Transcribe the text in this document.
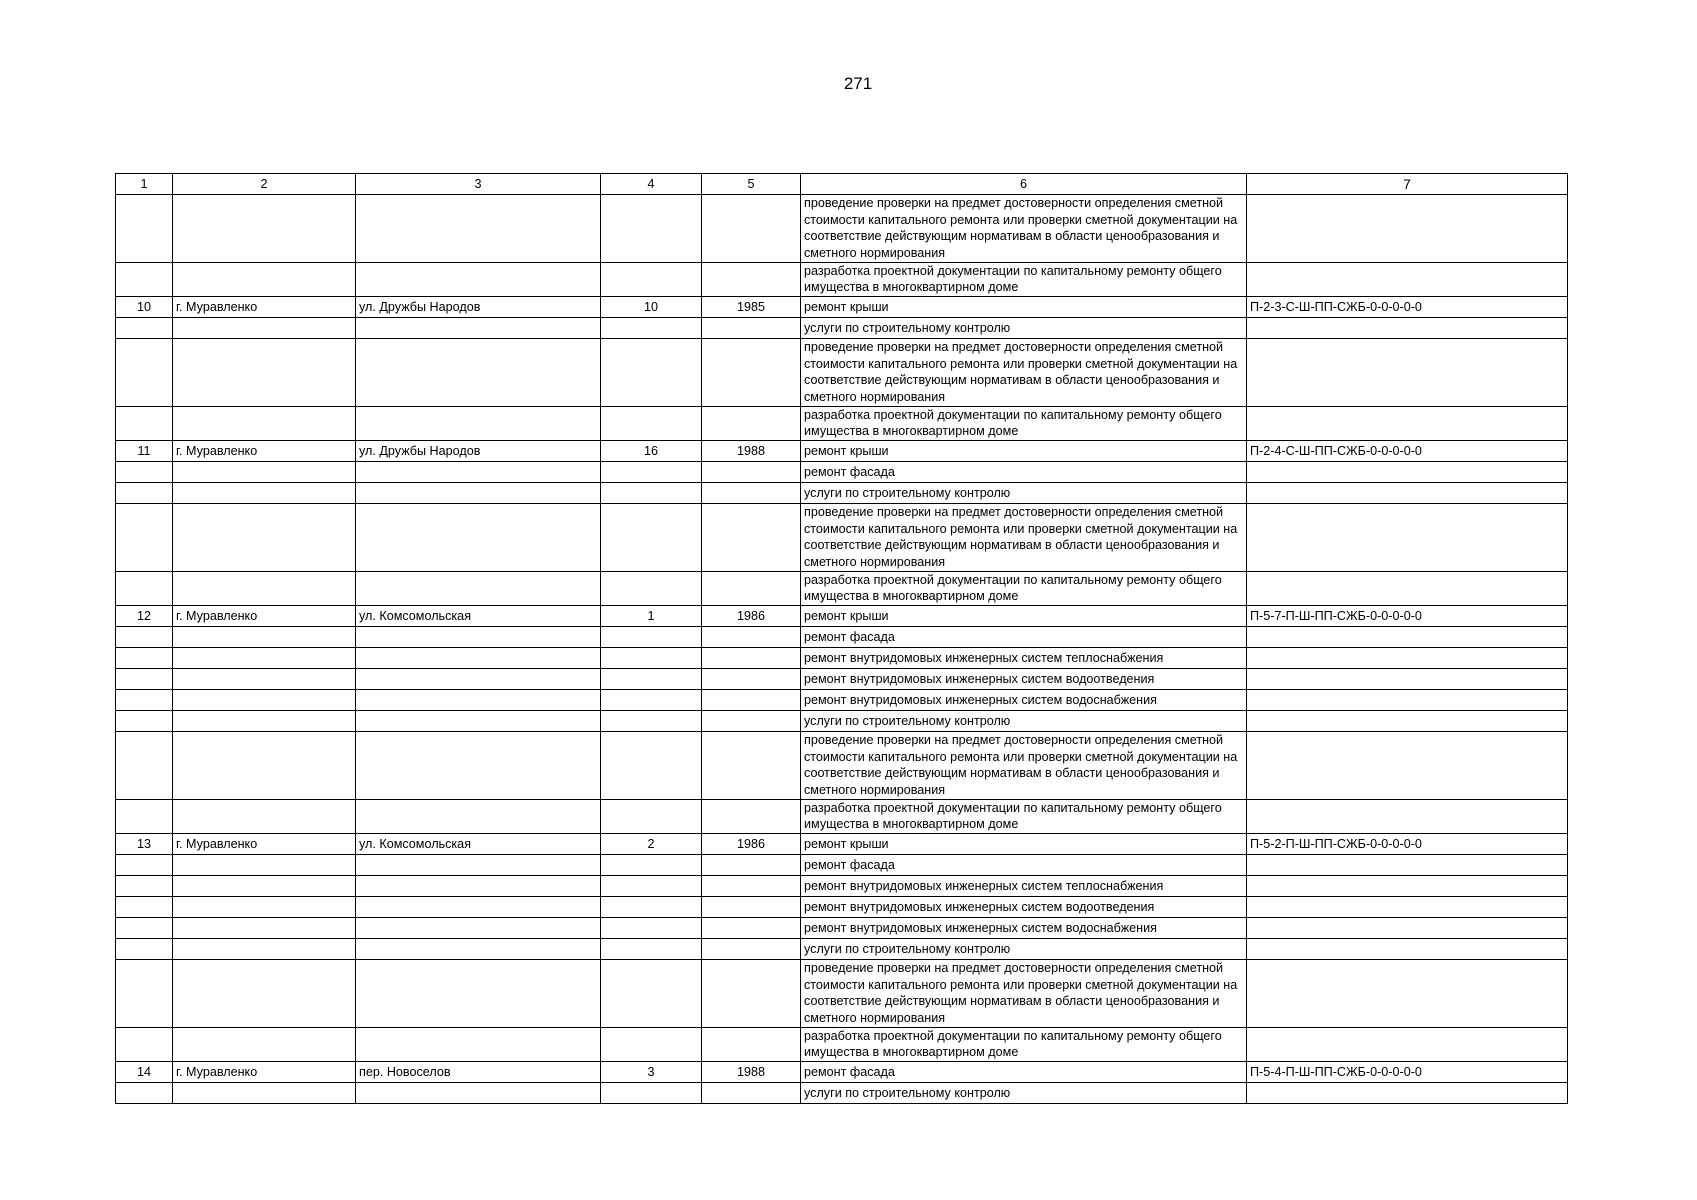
271
1	2	3	4	5	6	7
					проведение проверки на предмет достоверности определения сметной стоимости капитального ремонта или проверки сметной документации на соответствие действующим нормативам в области ценообразования и сметного нормирования	
					разработка проектной документации по капитальному ремонту общего имущества в многоквартирном доме	
10	г. Муравленко	ул. Дружбы Народов	10	1985	ремонт крыши	П-2-3-С-Ш-ПП-СЖБ-0-0-0-0-0
					услуги по строительному контролю	
					проведение проверки на предмет достоверности определения сметной стоимости капитального ремонта или проверки сметной документации на соответствие действующим нормативам в области ценообразования и сметного нормирования	
					разработка проектной документации по капитальному ремонту общего имущества в многоквартирном доме	
11	г. Муравленко	ул. Дружбы Народов	16	1988	ремонт крыши	П-2-4-С-Ш-ПП-СЖБ-0-0-0-0-0
					ремонт фасада	
					услуги по строительному контролю	
					проведение проверки на предмет достоверности определения сметной стоимости капитального ремонта или проверки сметной документации на соответствие действующим нормативам в области ценообразования и сметного нормирования	
					разработка проектной документации по капитальному ремонту общего имущества в многоквартирном доме	
12	г. Муравленко	ул. Комсомольская	1	1986	ремонт крыши	П-5-7-П-Ш-ПП-СЖБ-0-0-0-0-0
					ремонт фасада	
					ремонт внутридомовых инженерных систем теплоснабжения	
					ремонт внутридомовых инженерных систем водоотведения	
					ремонт внутридомовых инженерных систем водоснабжения	
					услуги по строительному контролю	
					проведение проверки на предмет достоверности определения сметной стоимости капитального ремонта или проверки сметной документации на соответствие действующим нормативам в области ценообразования и сметного нормирования	
					разработка проектной документации по капитальному ремонту общего имущества в многоквартирном доме	
13	г. Муравленко	ул. Комсомольская	2	1986	ремонт крыши	П-5-2-П-Ш-ПП-СЖБ-0-0-0-0-0
					ремонт фасада	
					ремонт внутридомовых инженерных систем теплоснабжения	
					ремонт внутридомовых инженерных систем водоотведения	
					ремонт внутридомовых инженерных систем водоснабжения	
					услуги по строительному контролю	
					проведение проверки на предмет достоверности определения сметной стоимости капитального ремонта или проверки сметной документации на соответствие действующим нормативам в области ценообразования и сметного нормирования	
					разработка проектной документации по капитальному ремонту общего имущества в многоквартирном доме	
14	г. Муравленко	пер. Новоселов	3	1988	ремонт фасада	П-5-4-П-Ш-ПП-СЖБ-0-0-0-0-0
					услуги по строительному контролю	
